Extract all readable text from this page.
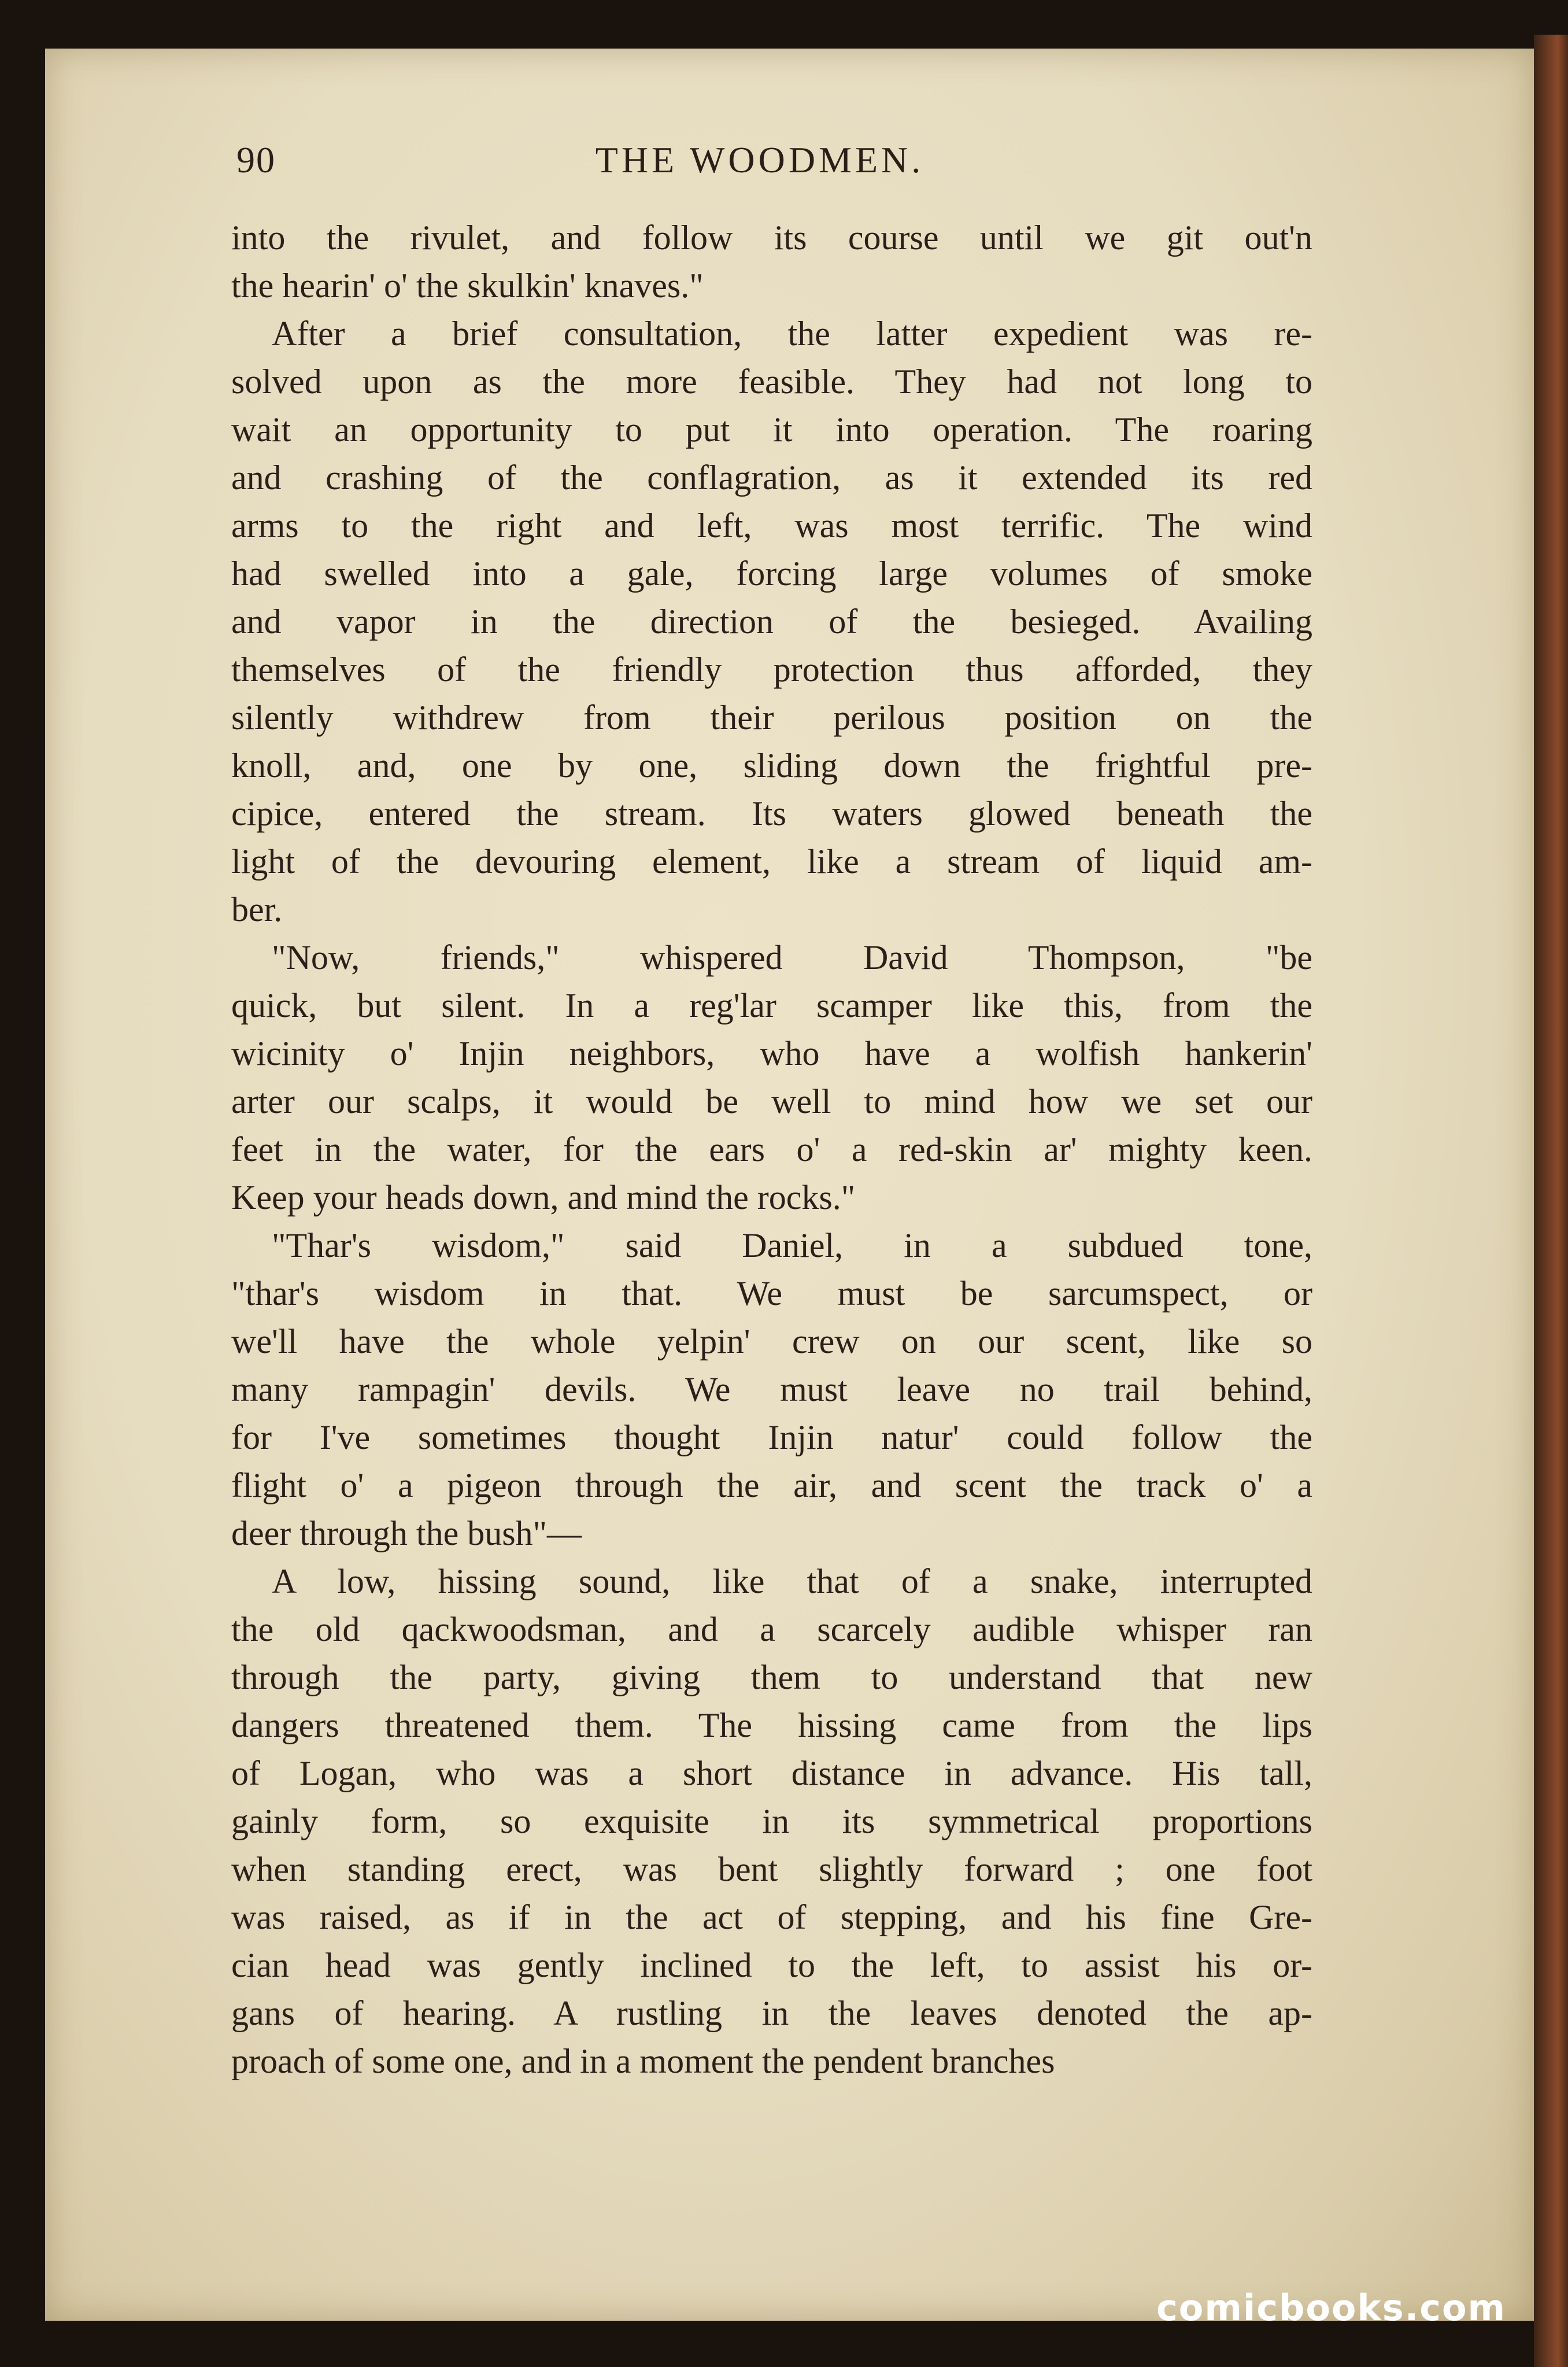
90	THE WOODMEN.
into the rivulet, and follow its course until we git out'n
the hearin' o' the skulkin' knaves."
After a brief consultation, the latter expedient was re-
solved upon as the more feasible. They had not long to
wait an opportunity to put it into operation. The roaring
and crashing of the conflagration, as it extended its red
arms to the right and left, was most terrific. The wind
had swelled into a gale, forcing large volumes of smoke
and vapor in the direction of the besieged. Availing
themselves of the friendly protection thus afforded, they
silently withdrew from their perilous position on the
knoll, and, one by one, sliding down the frightful pre-
cipice, entered the stream. Its waters glowed beneath the
light of the devouring element, like a stream of liquid am-
ber.
"Now, friends," whispered David Thompson, "be
quick, but silent. In a reg'lar scamper like this, from the
wicinity o' Injin neighbors, who have a wolfish hankerin'
arter our scalps, it would be well to mind how we set our
feet in the water, for the ears o' a red-skin ar' mighty keen.
Keep your heads down, and mind the rocks."
"Thar's wisdom," said Daniel, in a subdued tone,
"thar's wisdom in that. We must be sarcumspect, or
we'll have the whole yelpin' crew on our scent, like so
many rampagin' devils. We must leave no trail behind,
for I've sometimes thought Injin natur' could follow the
flight o' a pigeon through the air, and scent the track o' a
deer through the bush"—
A low, hissing sound, like that of a snake, interrupted
the old qackwoodsman, and a scarcely audible whisper ran
through the party, giving them to understand that new
dangers threatened them. The hissing came from the lips
of Logan, who was a short distance in advance. His tall,
gainly form, so exquisite in its symmetrical proportions
when standing erect, was bent slightly forward ; one foot
was raised, as if in the act of stepping, and his fine Gre-
cian head was gently inclined to the left, to assist his or-
gans of hearing. A rustling in the leaves denoted the ap-
proach of some one, and in a moment the pendent branches
comicbooks.com
